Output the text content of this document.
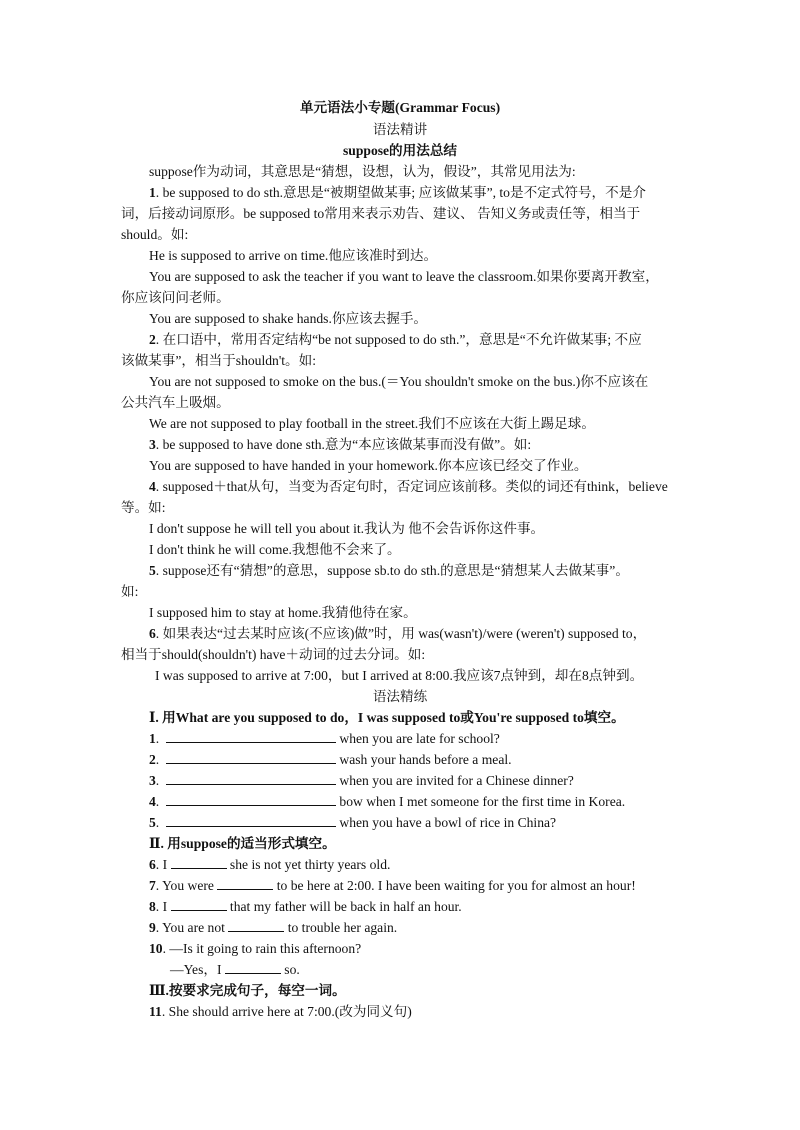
单元语法小专题(Grammar Focus)
语法精讲
suppose的用法总结
suppose作为动词，其意思是“猜想，设想，认为，假设”，其常见用法为:
1. be supposed to do sth.意思是“被期望做某事; 应该做某事”, to是不定式符号，不是介
词，后接动词原形。be supposed to常用来表示劝告、建议、 告知义务或责任等，相当于
should。如:
He is supposed to arrive on time.他应该准时到达。
You are supposed to ask the teacher if you want to leave the classroom.如果你要离开教室，
你应该问问老师。
You are supposed to shake hands.你应该去握手。
2. 在口语中，常用否定结构“be not supposed to do sth.”，意思是“不允许做某事; 不应
该做某事”，相当于shouldn't。如:
You are not supposed to smoke on the bus.(＝You shouldn't smoke on the bus.)你不应该在
公共汽车上吸烟。
We are not supposed to play football in the street.我们不应该在大街上踢足球。
3. be supposed to have done sth.意为“本应该做某事而没有做”。如:
You are supposed to have handed in your homework.你本应该已经交了作业。
4. supposed＋that从句，当变为否定句时，否定词应该前移。类似的词还有think，believe
等。如:
I don't suppose he will tell you about it.我认为 他不会告诉你这件事。
I don't think he will come.我想他不会来了。
5. suppose还有“猜想”的意思，suppose sb.to do sth.的意思是“猜想某人去做某事”。
如:
I supposed him to stay at home.我猜他待在家。
6. 如果表达“过去某时应该(不应该)做”时，用 was(wasn't)/were (weren't) supposed to，
相当于should(shouldn't) have＋动词的过去分词。如:
I was supposed to arrive at 7:00，but I arrived at 8:00.我应该7点钟到，却在8点钟到。
语法精练
Ⅰ. 用What are you supposed to do，I was supposed to或You're supposed to填空。
1.	when you are late for school?
2.	wash your hands before a meal.
3.	when you are invited for a Chinese dinner?
4.	bow when I met someone for the first time in Korea.
5.	when you have a bowl of rice in China?
Ⅱ. 用suppose的适当形式填空。
6. I	she is not yet thirty years old.
7. You were	to be here at 2:00. I have been waiting for you for almost an hour!
8. I	that my father will be back in half an hour.
9. You are not	to trouble her again.
10. —Is it going to rain this afternoon?
—Yes，I	so.
Ⅲ.按要求完成句子，每空一词。
11. She should arrive here at 7:00.(改为同义句)
